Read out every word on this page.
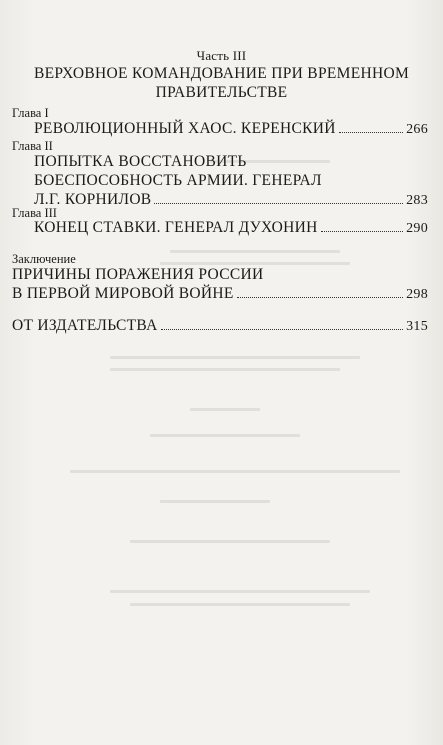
Часть III
ВЕРХОВНОЕ КОМАНДОВАНИЕ ПРИ ВРЕМЕННОМ
ПРАВИТЕЛЬСТВЕ
Глава I
РЕВОЛЮЦИОННЫЙ ХАОС. КЕРЕНСКИЙ	266
Глава II
ПОПЫТКА ВОССТАНОВИТЬ
БОЕСПОСОБНОСТЬ АРМИИ. ГЕНЕРАЛ
Л.Г. КОРНИЛОВ	283
Глава III
КОНЕЦ СТАВКИ. ГЕНЕРАЛ ДУХОНИН	290
Заключение
ПРИЧИНЫ ПОРАЖЕНИЯ РОССИИ
В ПЕРВОЙ МИРОВОЙ ВОЙНЕ	298
ОТ ИЗДАТЕЛЬСТВА	315
